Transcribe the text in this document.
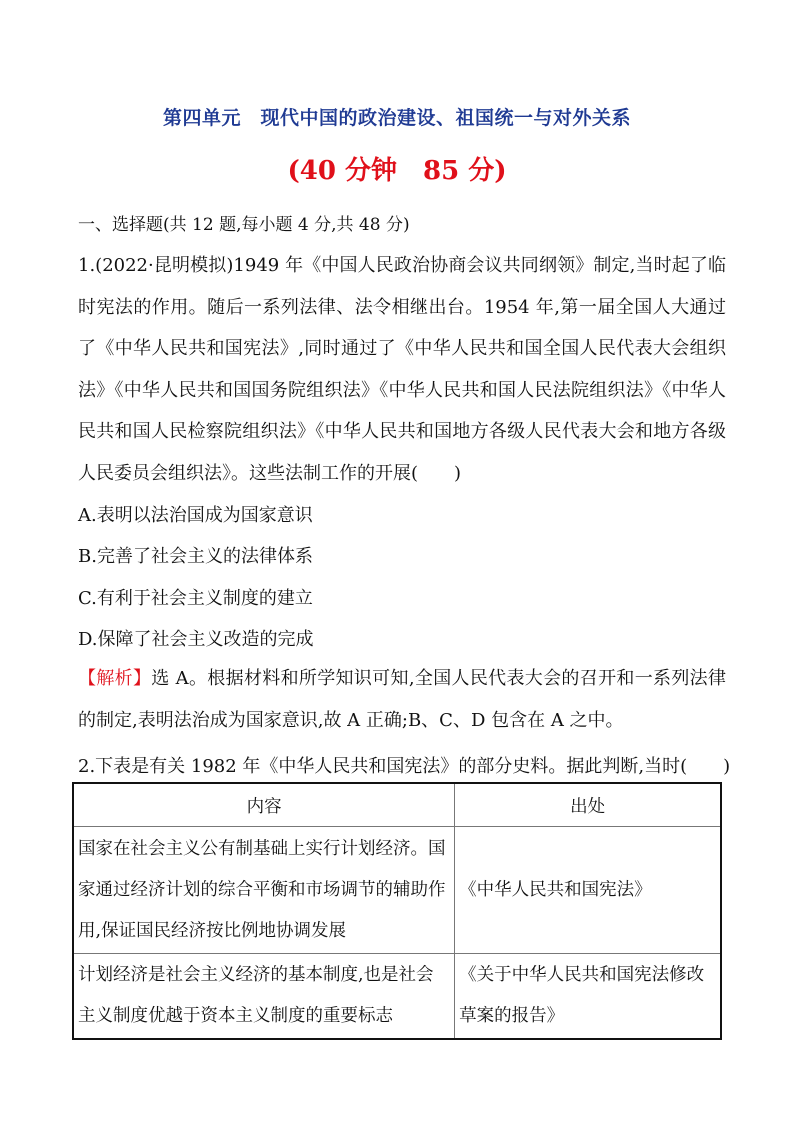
第四单元　现代中国的政治建设、祖国统一与对外关系
(40 分钟　85 分)
一、选择题(共 12 题,每小题 4 分,共 48 分)
1.(2022·昆明模拟)1949 年《中国人民政治协商会议共同纲领》制定,当时起了临时宪法的作用。随后一系列法律、法令相继出台。1954 年,第一届全国人大通过了《中华人民共和国宪法》,同时通过了《中华人民共和国全国人民代表大会组织法》《中华人民共和国国务院组织法》《中华人民共和国人民法院组织法》《中华人民共和国人民检察院组织法》《中华人民共和国地方各级人民代表大会和地方各级人民委员会组织法》。这些法制工作的开展(　　)
A.表明以法治国成为国家意识
B.完善了社会主义的法律体系
C.有利于社会主义制度的建立
D.保障了社会主义改造的完成
【解析】选 A。根据材料和所学知识可知,全国人民代表大会的召开和一系列法律的制定,表明法治成为国家意识,故 A 正确;B、C、D 包含在 A 之中。
2.下表是有关 1982 年《中华人民共和国宪法》的部分史料。据此判断,当时(　　)
内容	出处
国家在社会主义公有制基础上实行计划经济。国家通过经济计划的综合平衡和市场调节的辅助作用,保证国民经济按比例地协调发展	《中华人民共和国宪法》
计划经济是社会主义经济的基本制度,也是社会主义制度优越于资本主义制度的重要标志	《关于中华人民共和国宪法修改草案的报告》
